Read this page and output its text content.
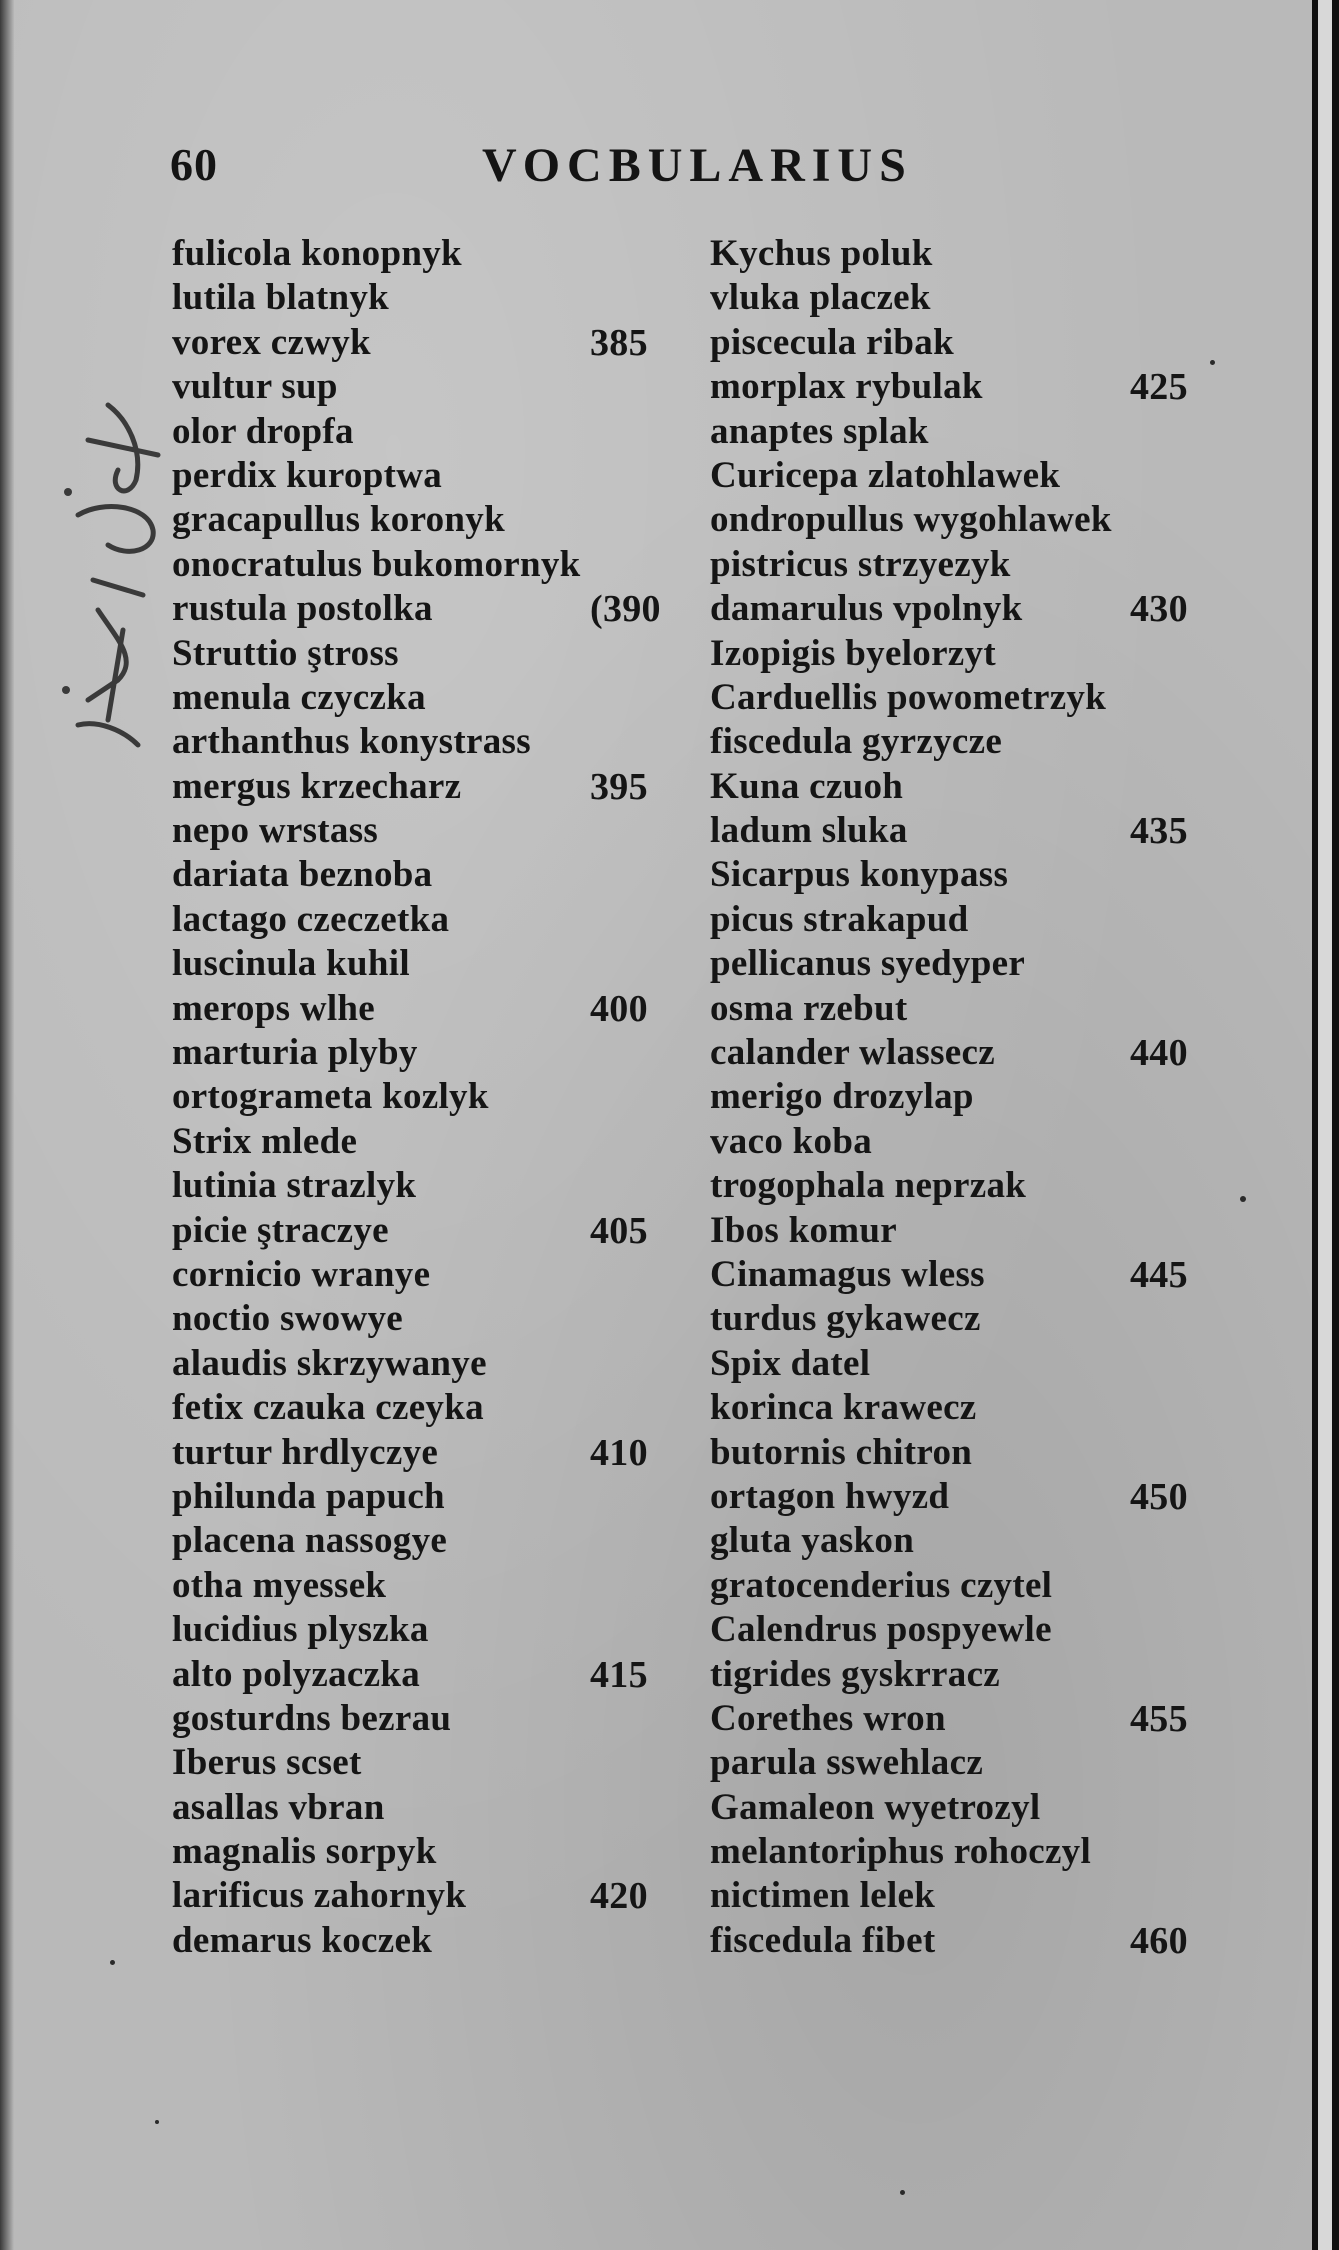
60	VOCBULARIUS
fulicola konopnyk
lutila blatnyk
vorex czwyk	385
vultur sup
olor dropfa
perdix kuroptwa
gracapullus koronyk
onocratulus bukomornyk
rustula postolka	(390
Struttio ştross
menula czyczka
arthanthus konystrass
mergus krzecharz	395
nepo wrstass
dariata beznoba
lactago czeczetka
luscinula kuhil
merops wlhe	400
marturia plyby
ortogrameta kozlyk
Strix mlede
lutinia strazlyk
picie ştraczye	405
cornicio wranye
noctio swowye
alaudis skrzywanye
fetix czauka czeyka
turtur hrdlyczye	410
philunda papuch
placena nassogye
otha myessek
lucidius plyszka
alto polyzaczka	415
gosturdns bezrau
Iberus scset
asallas vbran
magnalis sorpyk
larificus zahornyk	420
demarus koczek
Kychus poluk
vluka placzek
piscecula ribak
morplax rybulak	425
anaptes splak
Curicepa zlatohlawek
ondropullus wygohlawek
pistricus strzyezyk
damarulus vpolnyk	430
Izopigis byelorzyt
Carduellis powometrzyk
fiscedula gyrzycze
Kuna czuoh
ladum sluka	435
Sicarpus konypass
picus strakapud
pellicanus syedyper
osma rzebut
calander wlassecz	440
merigo drozylap
vaco koba
trogophala neprzak
Ibos komur
Cinamagus wless	445
turdus gykawecz
Spix datel
korinca krawecz
butornis chitron
ortagon hwyzd	450
gluta yaskon
gratocenderius czytel
Calendrus pospyewle
tigrides gyskrracz
Corethes wron	455
parula sswehlacz
Gamaleon wyetrozyl
melantoriphus rohoczyl
nictimen lelek
fiscedula fibet	460
